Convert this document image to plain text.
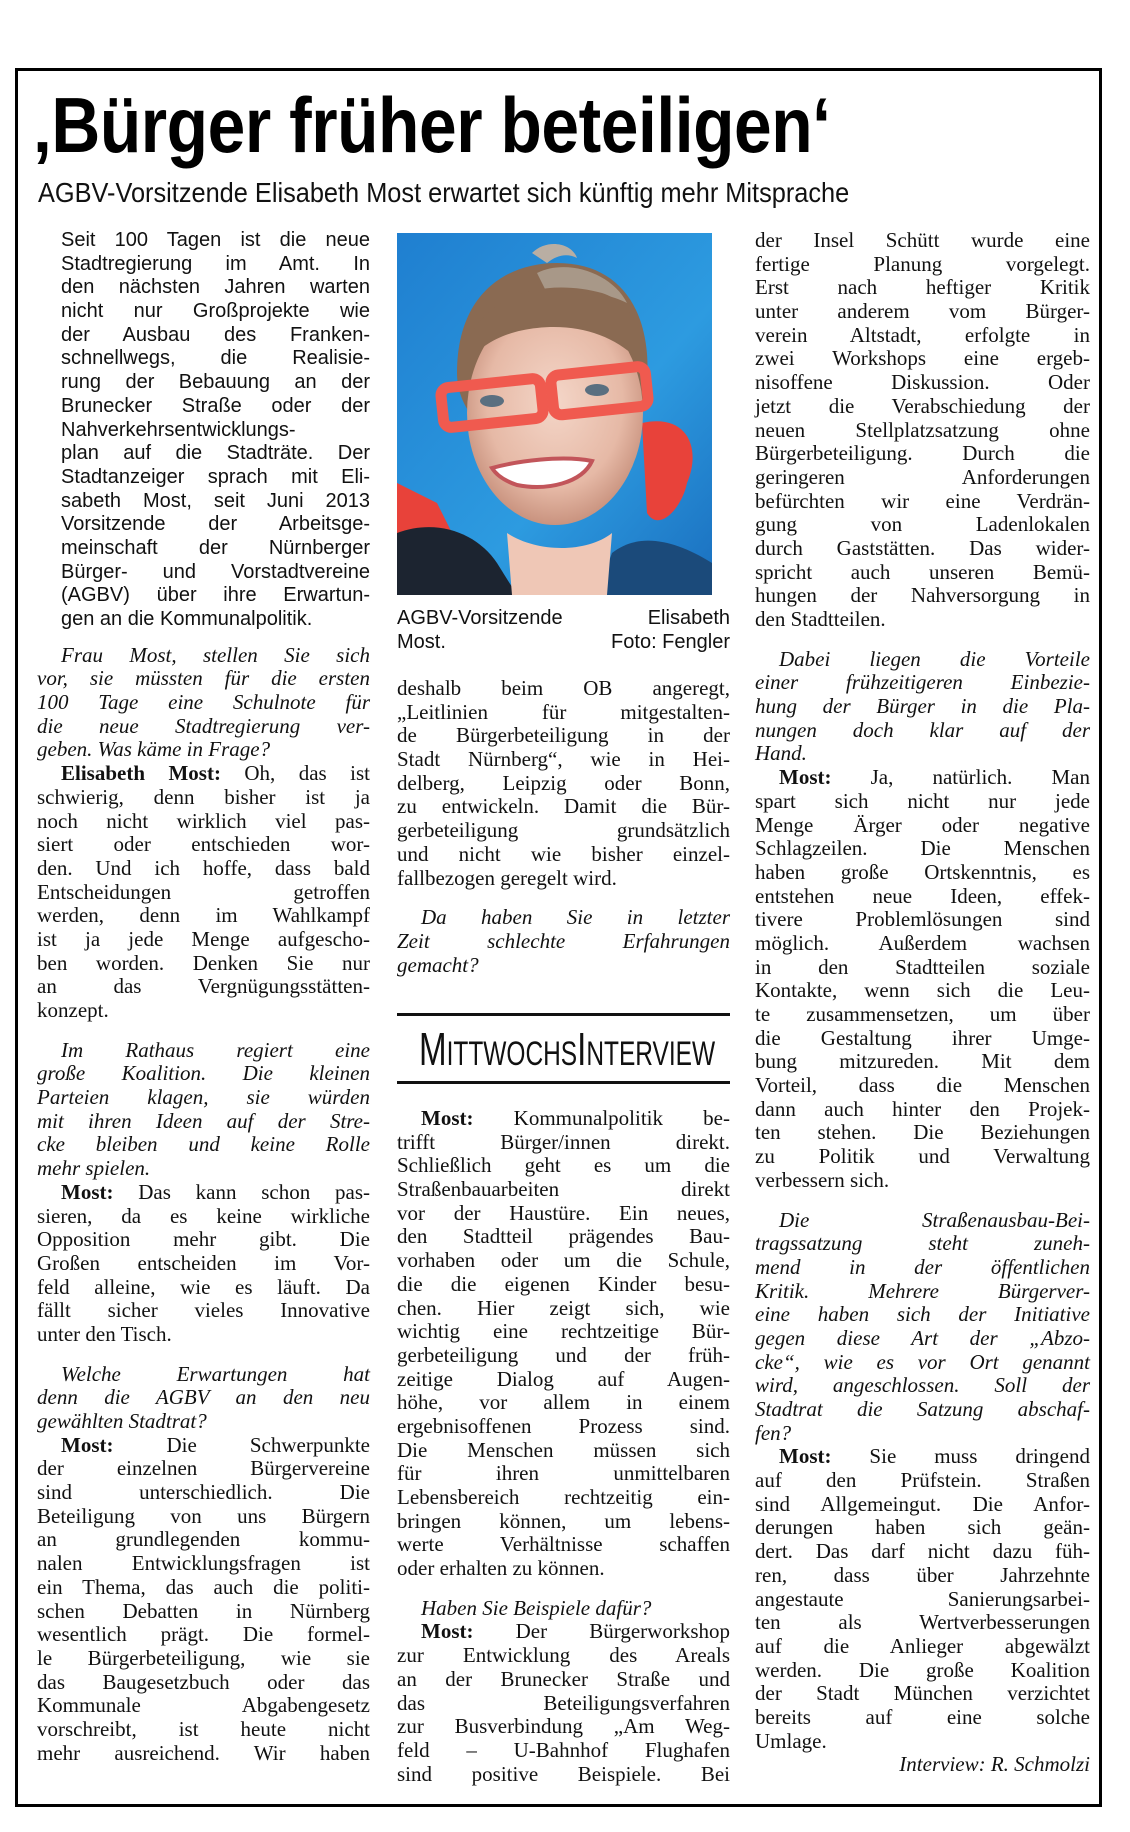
‚Bürger früher beteiligen‘
AGBV-Vorsitzende Elisabeth Most erwartet sich künftig mehr Mitsprache
Seit 100 Tagen ist die neue
Stadtregierung im Amt. In
den nächsten Jahren warten
nicht nur Großprojekte wie
der Ausbau des Franken-
schnellwegs, die Realisie-
rung der Bebauung an der
Brunecker Straße oder der
Nahverkehrsentwicklungs-
plan auf die Stadträte. Der
Stadtanzeiger sprach mit Eli-
sabeth Most, seit Juni 2013
Vorsitzende der Arbeitsge-
meinschaft der Nürnberger
Bürger- und Vorstadtvereine
(AGBV) über ihre Erwartun-
gen an die Kommunalpolitik.
Frau Most, stellen Sie sich
vor, sie müssten für die ersten
100 Tage eine Schulnote für
die neue Stadtregierung ver-
geben. Was käme in Frage?
Elisabeth Most: Oh, das ist
schwierig, denn bisher ist ja
noch nicht wirklich viel pas-
siert oder entschieden wor-
den. Und ich hoffe, dass bald
Entscheidungen getroffen
werden, denn im Wahlkampf
ist ja jede Menge aufgescho-
ben worden. Denken Sie nur
an das Vergnügungsstätten-
konzept.
Im Rathaus regiert eine
große Koalition. Die kleinen
Parteien klagen, sie würden
mit ihren Ideen auf der Stre-
cke bleiben und keine Rolle
mehr spielen.
Most: Das kann schon pas-
sieren, da es keine wirkliche
Opposition mehr gibt. Die
Großen entscheiden im Vor-
feld alleine, wie es läuft. Da
fällt sicher vieles Innovative
unter den Tisch.
Welche Erwartungen hat
denn die AGBV an den neu
gewählten Stadtrat?
Most: Die Schwerpunkte
der einzelnen Bürgervereine
sind unterschiedlich. Die
Beteiligung von uns Bürgern
an grundlegenden kommu-
nalen Entwicklungsfragen ist
ein Thema, das auch die politi-
schen Debatten in Nürnberg
wesentlich prägt. Die formel-
le Bürgerbeteiligung, wie sie
das Baugesetzbuch oder das
Kommunale Abgabengesetz
vorschreibt, ist heute nicht
mehr ausreichend. Wir haben
AGBV-Vorsitzende	Elisabeth
Most.	Foto: Fengler
deshalb beim OB angeregt,
„Leitlinien für mitgestalten-
de Bürgerbeteiligung in der
Stadt Nürnberg“, wie in Hei-
delberg, Leipzig oder Bonn,
zu entwickeln. Damit die Bür-
gerbeteiligung grundsätzlich
und nicht wie bisher einzel-
fallbezogen geregelt wird.
Da haben Sie in letzter
Zeit schlechte Erfahrungen
gemacht?
MITTWOCHSINTERVIEW
Most: Kommunalpolitik be-
trifft Bürger/innen direkt.
Schließlich geht es um die
Straßenbauarbeiten direkt
vor der Haustüre. Ein neues,
den Stadtteil prägendes Bau-
vorhaben oder um die Schule,
die die eigenen Kinder besu-
chen. Hier zeigt sich, wie
wichtig eine rechtzeitige Bür-
gerbeteiligung und der früh-
zeitige Dialog auf Augen-
höhe, vor allem in einem
ergebnisoffenen Prozess sind.
Die Menschen müssen sich
für ihren unmittelbaren
Lebensbereich rechtzeitig ein-
bringen können, um lebens-
werte Verhältnisse schaffen
oder erhalten zu können.
Haben Sie Beispiele dafür?
Most: Der Bürgerworkshop
zur Entwicklung des Areals
an der Brunecker Straße und
das Beteiligungsverfahren
zur Busverbindung „Am Weg-
feld – U-Bahnhof Flughafen
sind positive Beispiele. Bei
der Insel Schütt wurde eine
fertige Planung vorgelegt.
Erst nach heftiger Kritik
unter anderem vom Bürger-
verein Altstadt, erfolgte in
zwei Workshops eine ergeb-
nisoffene Diskussion. Oder
jetzt die Verabschiedung der
neuen Stellplatzsatzung ohne
Bürgerbeteiligung. Durch die
geringeren Anforderungen
befürchten wir eine Verdrän-
gung von Ladenlokalen
durch Gaststätten. Das wider-
spricht auch unseren Bemü-
hungen der Nahversorgung in
den Stadtteilen.
Dabei liegen die Vorteile
einer frühzeitigeren Einbezie-
hung der Bürger in die Pla-
nungen doch klar auf der
Hand.
Most: Ja, natürlich. Man
spart sich nicht nur jede
Menge Ärger oder negative
Schlagzeilen. Die Menschen
haben große Ortskenntnis, es
entstehen neue Ideen, effek-
tivere Problemlösungen sind
möglich. Außerdem wachsen
in den Stadtteilen soziale
Kontakte, wenn sich die Leu-
te zusammensetzen, um über
die Gestaltung ihrer Umge-
bung mitzureden. Mit dem
Vorteil, dass die Menschen
dann auch hinter den Projek-
ten stehen. Die Beziehungen
zu Politik und Verwaltung
verbessern sich.
Die Straßenausbau-Bei-
tragssatzung steht zuneh-
mend in der öffentlichen
Kritik. Mehrere Bürgerver-
eine haben sich der Initiative
gegen diese Art der „Abzo-
cke“, wie es vor Ort genannt
wird, angeschlossen. Soll der
Stadtrat die Satzung abschaf-
fen?
Most: Sie muss dringend
auf den Prüfstein. Straßen
sind Allgemeingut. Die Anfor-
derungen haben sich geän-
dert. Das darf nicht dazu füh-
ren, dass über Jahrzehnte
angestaute Sanierungsarbei-
ten als Wertverbesserungen
auf die Anlieger abgewälzt
werden. Die große Koalition
der Stadt München verzichtet
bereits auf eine solche
Umlage.
Interview: R. Schmolzi
